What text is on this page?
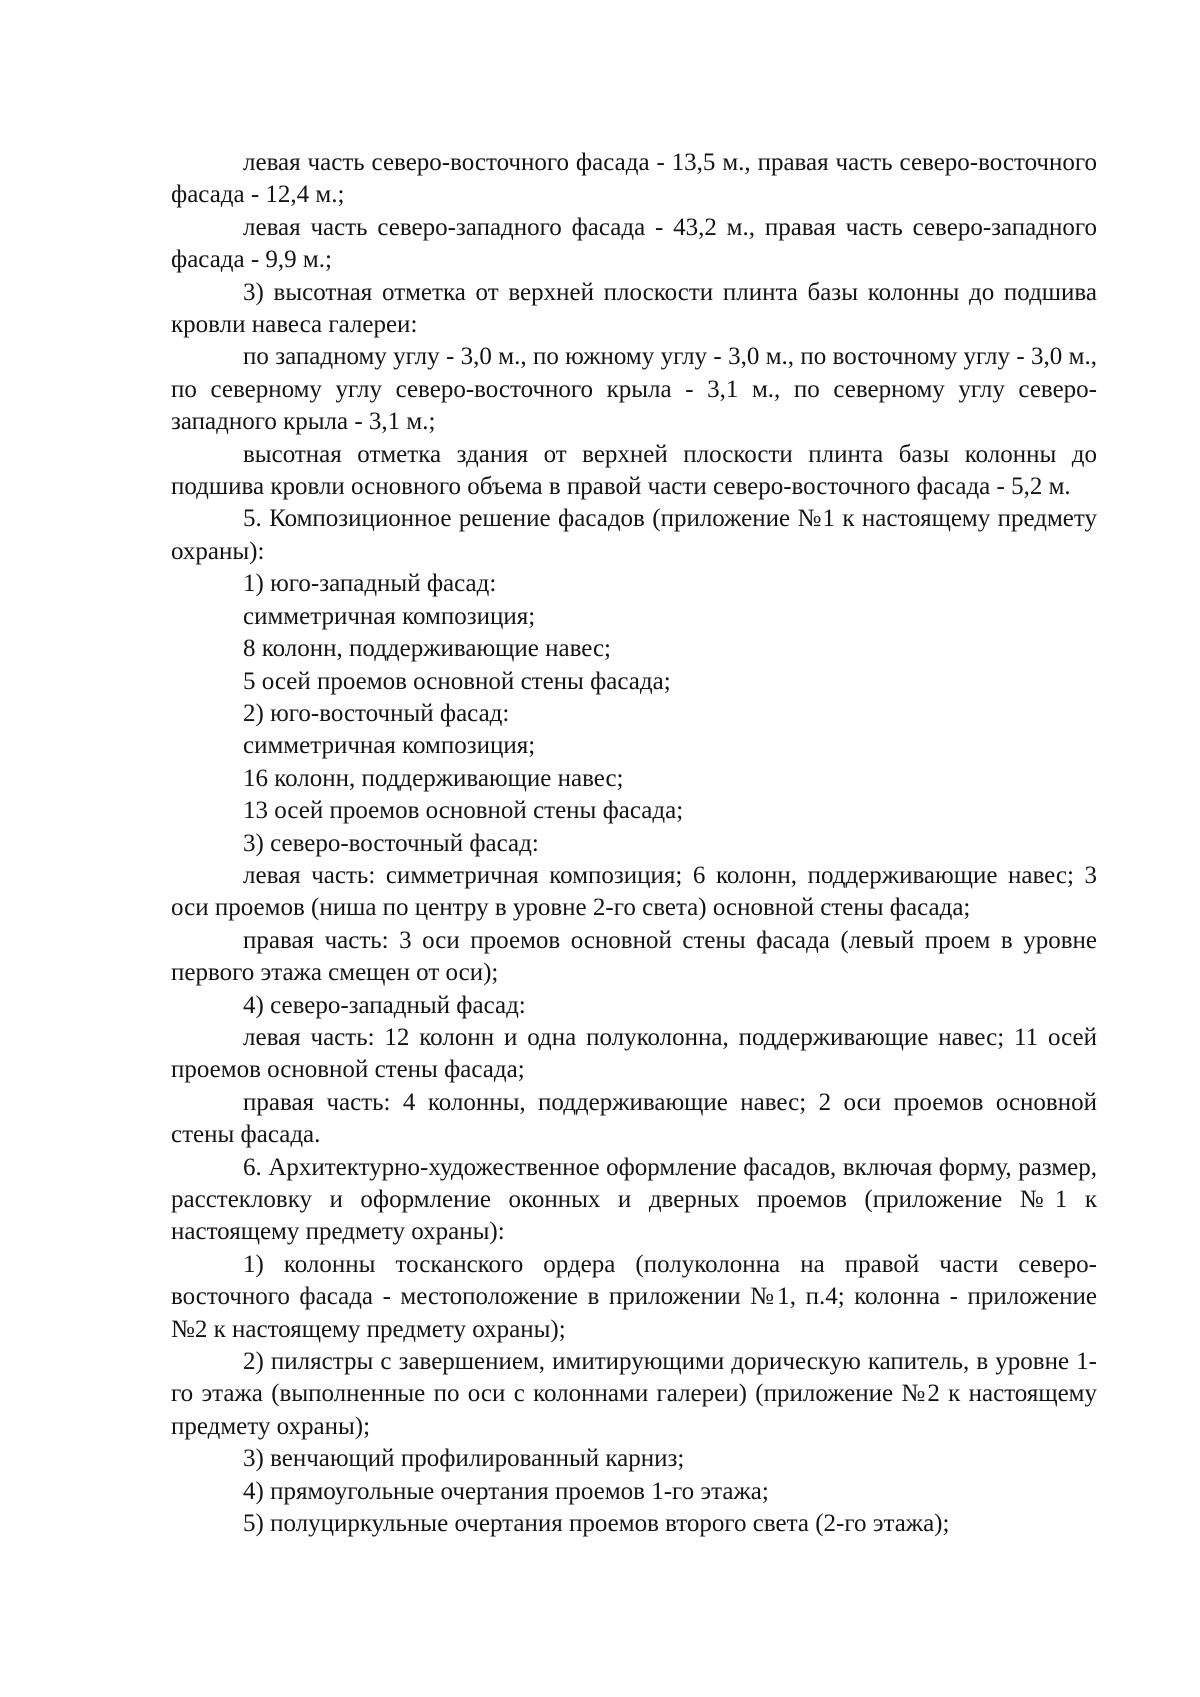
левая часть северо-восточного фасада - 13,5 м., правая часть северо-восточного фасада - 12,4 м.;

левая часть северо-западного фасада - 43,2 м., правая часть северо-западного фасада - 9,9 м.;

3) высотная отметка от верхней плоскости плинта базы колонны до подшива кровли навеса галереи:

по западному углу - 3,0 м., по южному углу - 3,0 м., по восточному углу - 3,0 м., по северному углу северо-восточного крыла - 3,1 м., по северному углу северо-западного крыла - 3,1 м.;

высотная отметка здания от верхней плоскости плинта базы колонны до подшива кровли основного объема в правой части северо-восточного фасада - 5,2 м.

5. Композиционное решение фасадов (приложение №1 к настоящему предмету охраны):

1) юго-западный фасад:

симметричная композиция;

8 колонн, поддерживающие навес;

5 осей проемов основной стены фасада;

2) юго-восточный фасад:

симметричная композиция;

16 колонн, поддерживающие навес;

13 осей проемов основной стены фасада;

3) северо-восточный фасад:

левая часть: симметричная композиция; 6 колонн, поддерживающие навес; 3 оси проемов (ниша по центру в уровне 2-го света) основной стены фасада;

правая часть: 3 оси проемов основной стены фасада (левый проем в уровне первого этажа смещен от оси);

4) северо-западный фасад:

левая часть: 12 колонн и одна полуколонна, поддерживающие навес; 11 осей проемов основной стены фасада;

правая часть: 4 колонны, поддерживающие навес; 2 оси проемов основной стены фасада.

6. Архитектурно-художественное оформление фасадов, включая форму, размер, расстекловку и оформление оконных и дверных проемов (приложение №1 к настоящему предмету охраны):

1) колонны тосканского ордера (полуколонна на правой части северо-восточного фасада - местоположение в приложении №1, п.4; колонна - приложение №2 к настоящему предмету охраны);

2) пилястры с завершением, имитирующими дорическую капитель, в уровне 1-го этажа (выполненные по оси с колоннами галереи) (приложение №2 к настоящему предмету охраны);

3) венчающий профилированный карниз;

4) прямоугольные очертания проемов 1-го этажа;

5) полуциркульные очертания проемов второго света (2-го этажа);
